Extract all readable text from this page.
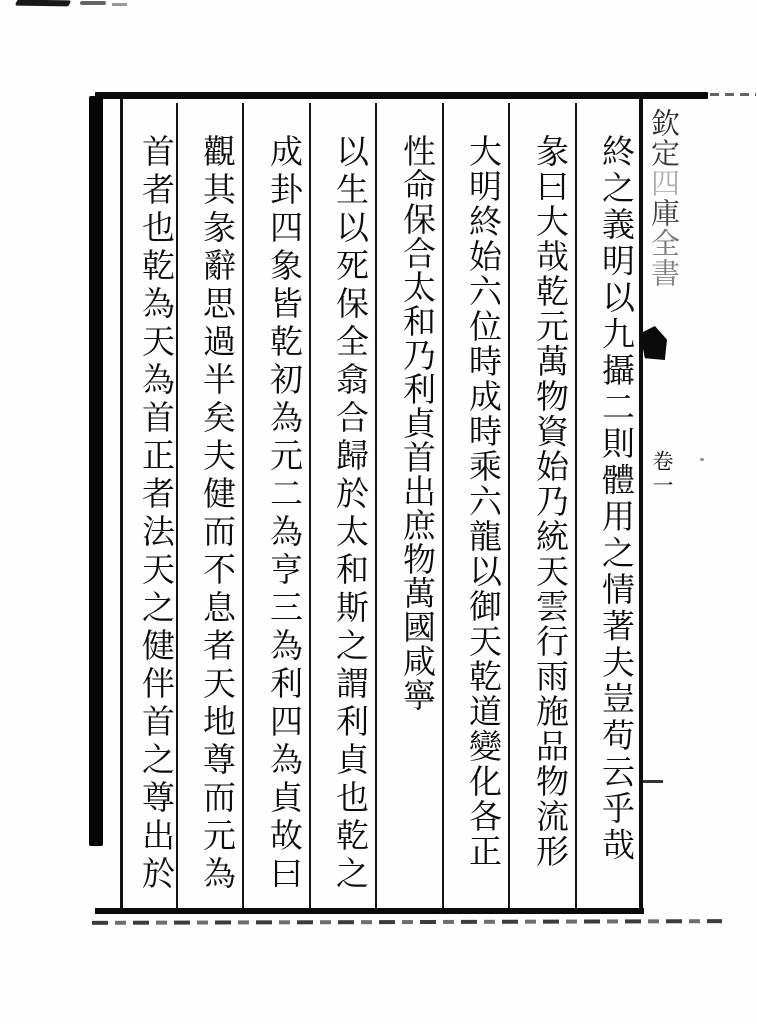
終之義明以九攝二則體用之情著夫豈苟云乎哉
彖曰大哉乾元萬物資始乃統天雲行雨施品物流形
大明終始六位時成時乘六龍以御天乾道變化各正
性命保合太和乃利貞首出庶物萬國咸寧
以生以死保全翕合歸於太和斯之謂利貞也乾之
成卦四象皆乾初為元二為亨三為利四為貞故曰
觀其彖辭思過半矣夫健而不息者天地尊而元為
首者也乾為天為首正者法天之健伴首之尊出於
欽定四庫全書
卷一
